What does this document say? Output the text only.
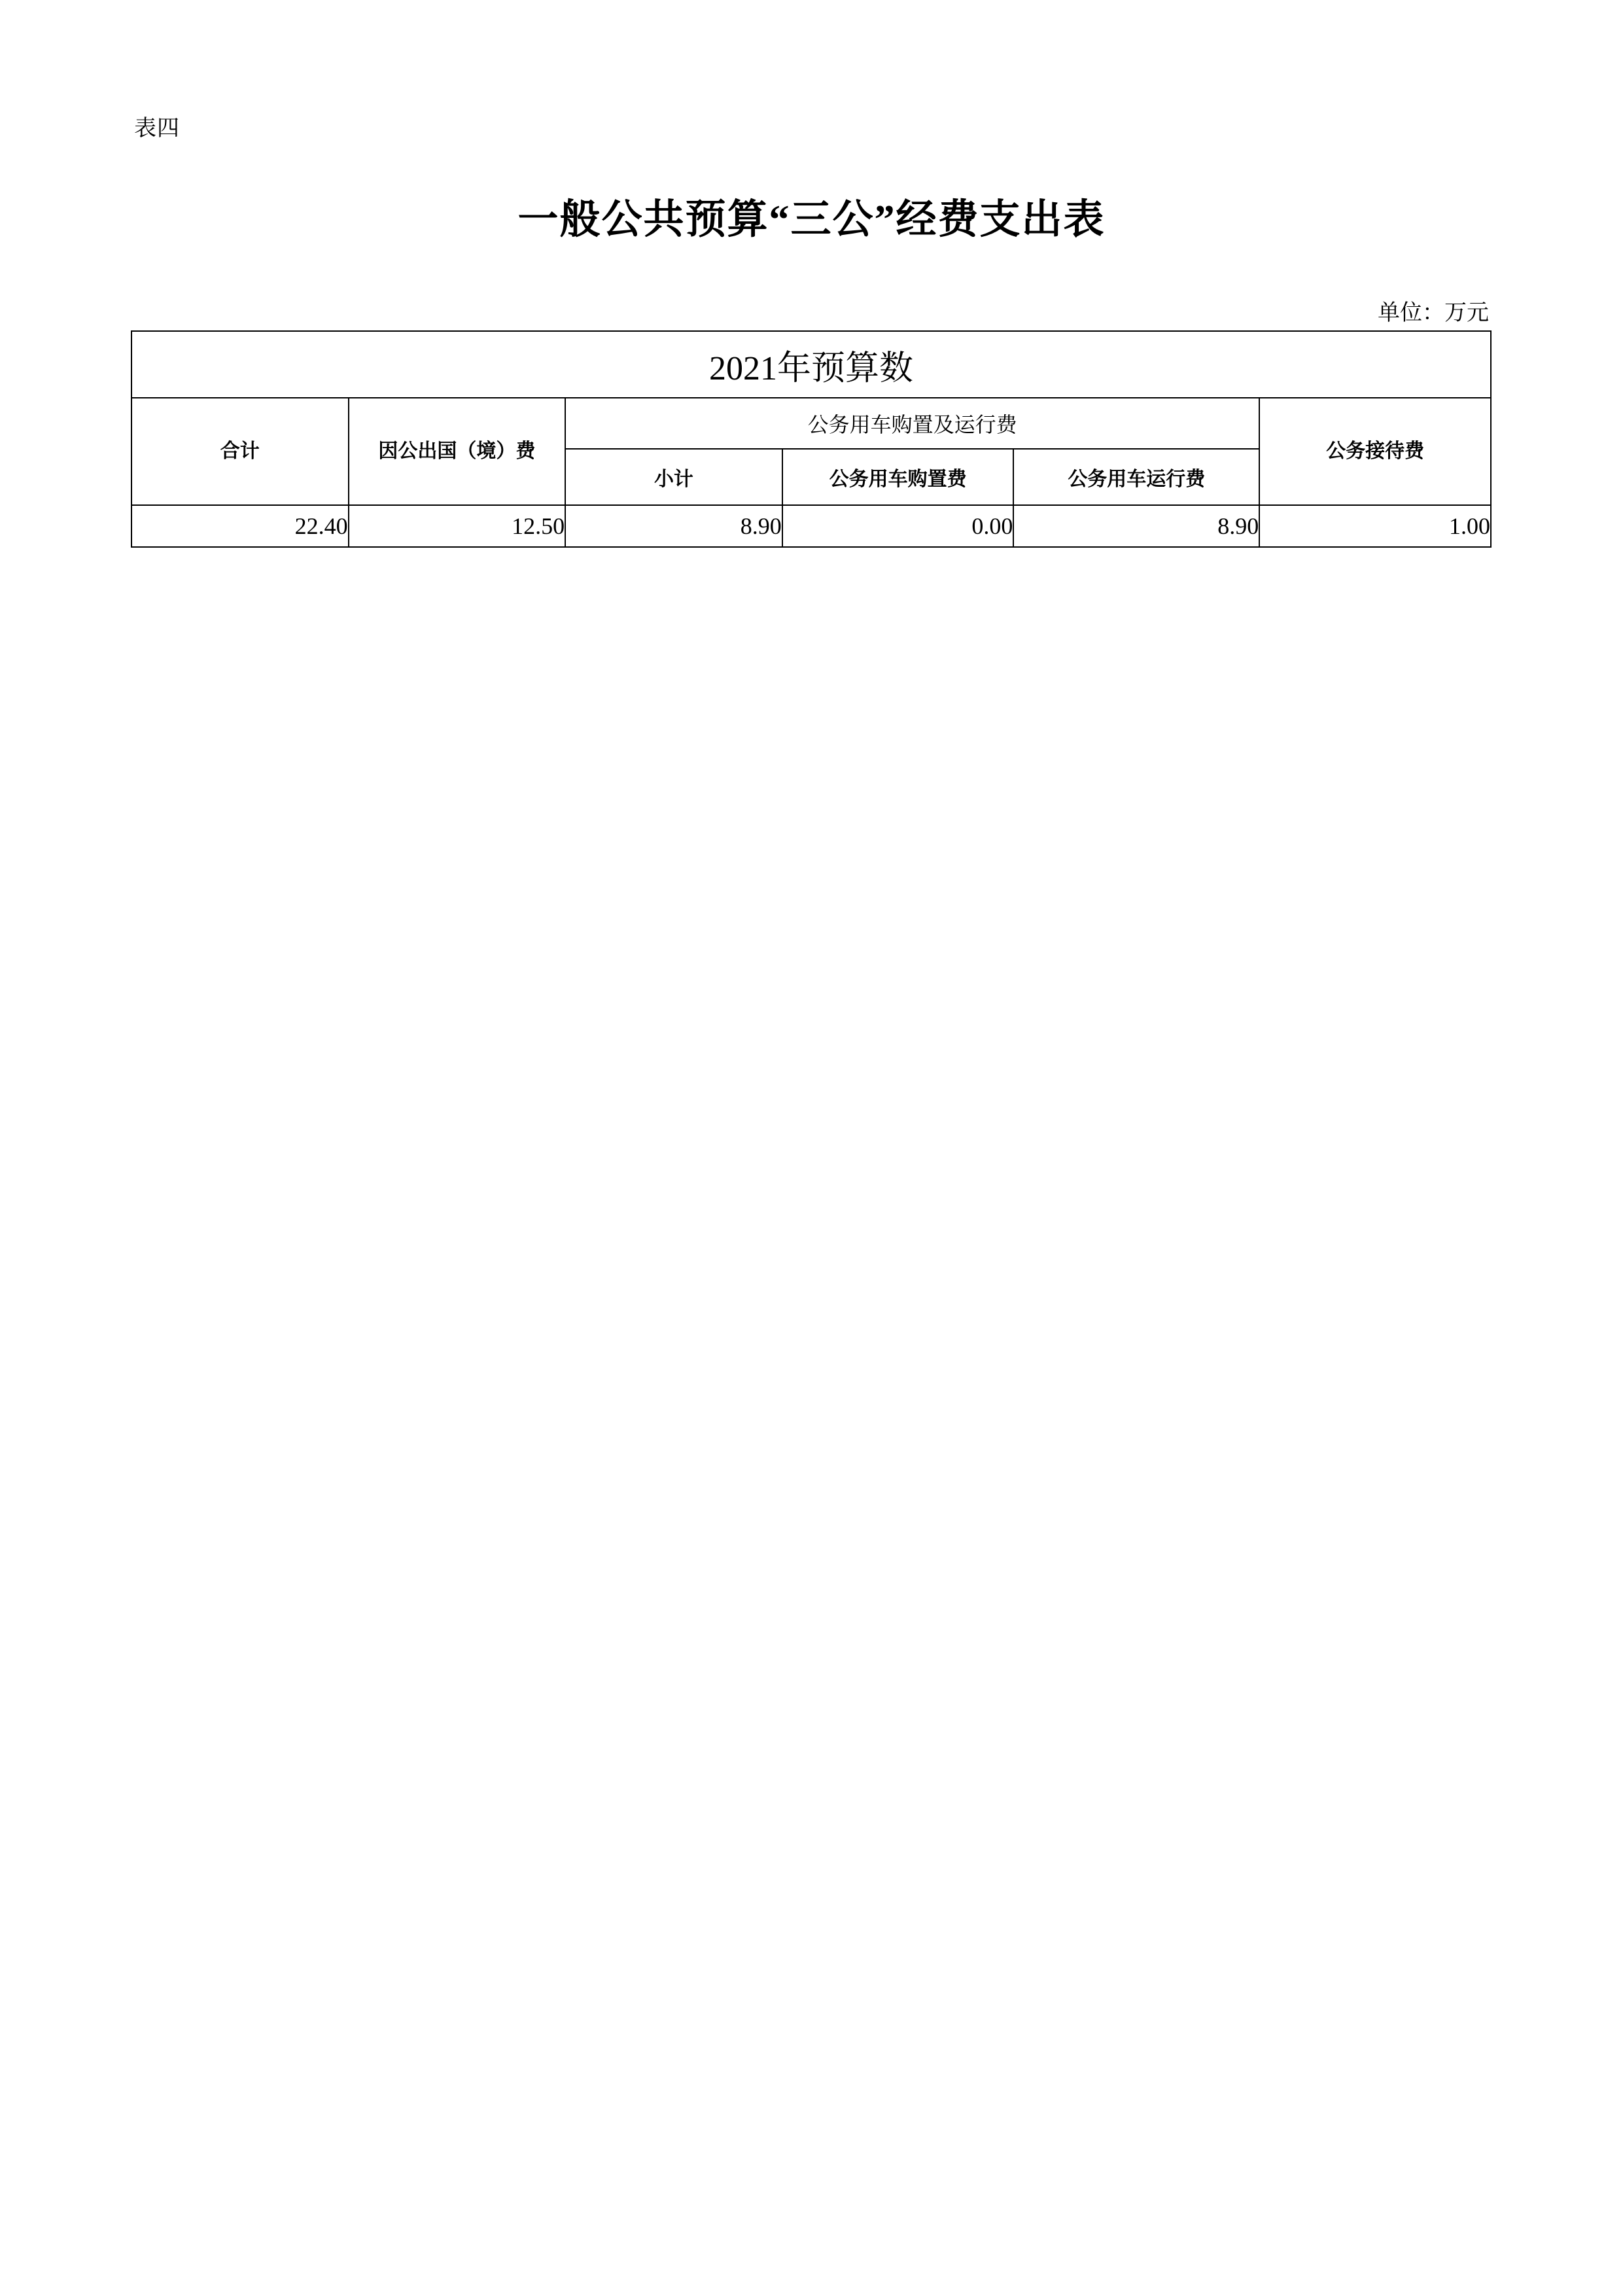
表四
一般公共预算“三公”经费支出表
单位：万元
2021年预算数					
合计	因公出国（境）费	公务用车购置及运行费			公务接待费
		小计	公务用车购置费	公务用车运行费	
22.40	12.50	8.90	0.00	8.90	1.00
